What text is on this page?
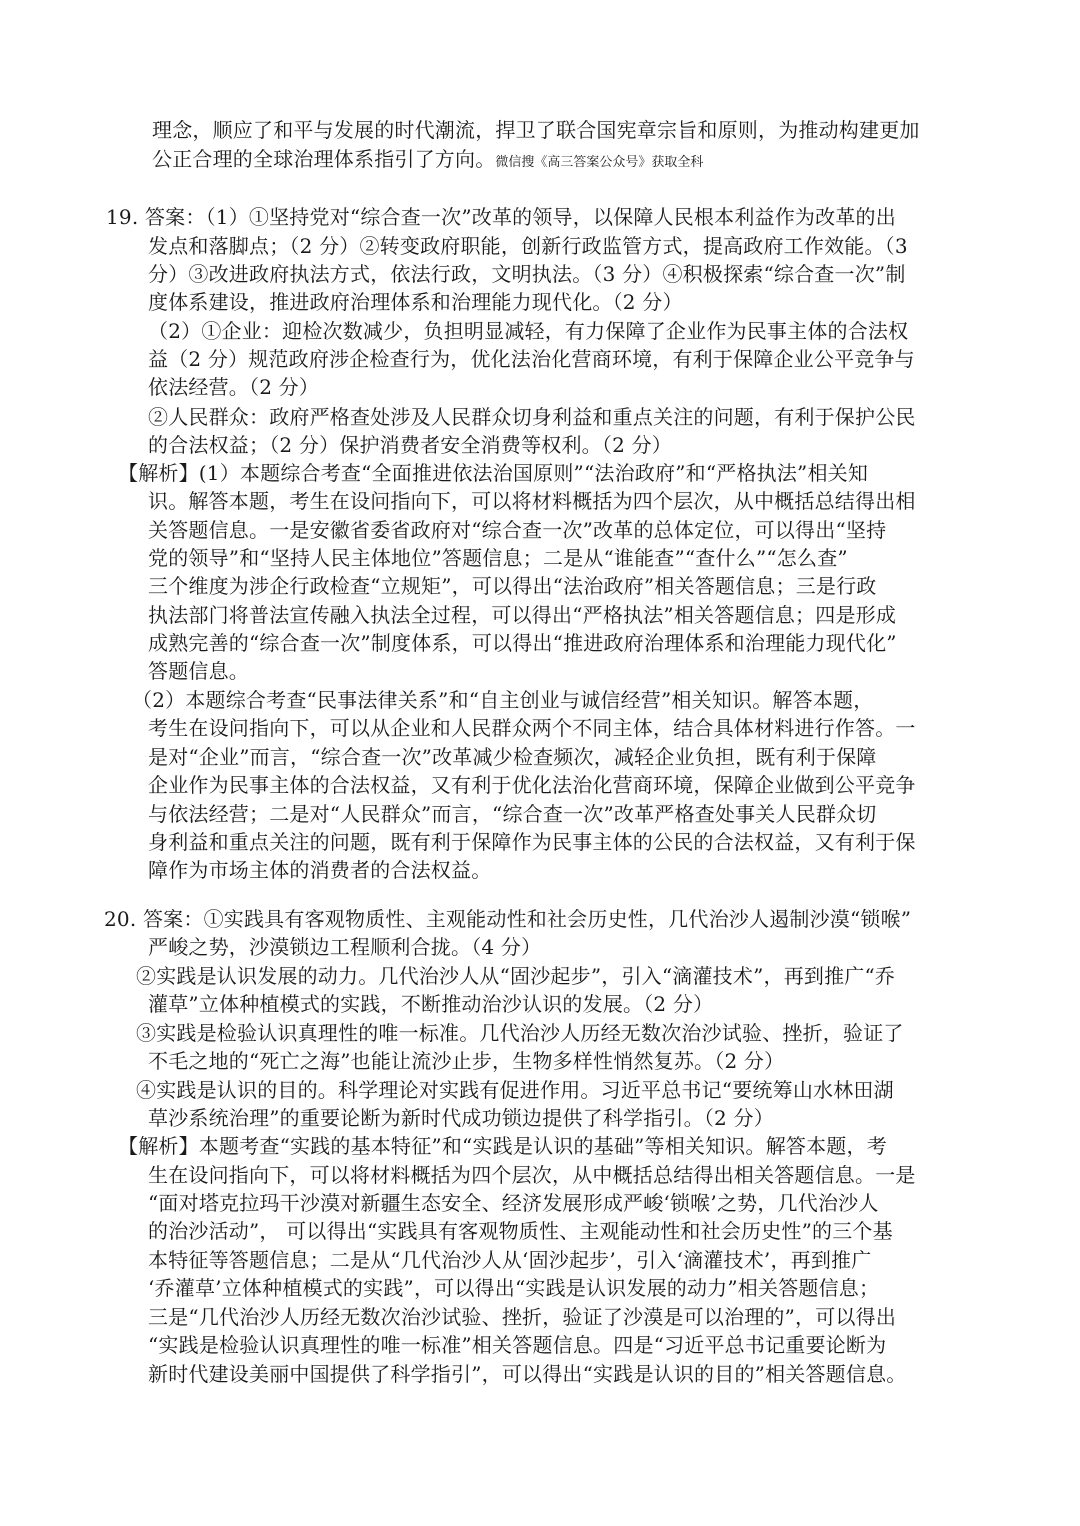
理念，顺应了和平与发展的时代潮流，捍卫了联合国宪章宗旨和原则，为推动构建更加
公正合理的全球治理体系指引了方向。微信搜《高三答案公众号》获取全科
19. 答案：（1）①坚持党对“综合查一次”改革的领导，以保障人民根本利益作为改革的出
发点和落脚点；（2 分）②转变政府职能，创新行政监管方式，提高政府工作效能。（3
分）③改进政府执法方式，依法行政，文明执法。（3 分）④积极探索“综合查一次”制
度体系建设，推进政府治理体系和治理能力现代化。（2 分）
（2）①企业：迎检次数减少，负担明显减轻，有力保障了企业作为民事主体的合法权
益（2 分）规范政府涉企检查行为，优化法治化营商环境，有利于保障企业公平竞争与
依法经营。（2 分）
②人民群众：政府严格查处涉及人民群众切身利益和重点关注的问题，有利于保护公民
的合法权益；（2 分）保护消费者安全消费等权利。（2 分）
【解析】(1）本题综合考查“全面推进依法治国原则”“法治政府”和“严格执法”相关知
识。解答本题，考生在设问指向下，可以将材料概括为四个层次，从中概括总结得出相
关答题信息。一是安徽省委省政府对“综合查一次”改革的总体定位，可以得出“坚持
党的领导”和“坚持人民主体地位”答题信息；二是从“谁能查”“查什么”“怎么查”
三个维度为涉企行政检查“立规矩”，可以得出“法治政府”相关答题信息；三是行政
执法部门将普法宣传融入执法全过程，可以得出“严格执法”相关答题信息；四是形成
成熟完善的“综合查一次”制度体系，可以得出“推进政府治理体系和治理能力现代化”
答题信息。
（2）本题综合考查“民事法律关系”和“自主创业与诚信经营”相关知识。解答本题，
考生在设问指向下，可以从企业和人民群众两个不同主体，结合具体材料进行作答。一
是对“企业”而言，“综合查一次”改革减少检查频次，减轻企业负担，既有利于保障
企业作为民事主体的合法权益，又有利于优化法治化营商环境，保障企业做到公平竞争
与依法经营；二是对“人民群众”而言，“综合查一次”改革严格查处事关人民群众切
身利益和重点关注的问题，既有利于保障作为民事主体的公民的合法权益，又有利于保
障作为市场主体的消费者的合法权益。
20. 答案：①实践具有客观物质性、主观能动性和社会历史性，几代治沙人遏制沙漠“锁喉”
严峻之势，沙漠锁边工程顺利合拢。（4 分）
②实践是认识发展的动力。几代治沙人从“固沙起步”，引入“滴灌技术”，再到推广“乔
灌草”立体种植模式的实践，不断推动治沙认识的发展。（2 分）
③实践是检验认识真理性的唯一标准。几代治沙人历经无数次治沙试验、挫折，验证了
不毛之地的“死亡之海”也能让流沙止步，生物多样性悄然复苏。（2 分）
④实践是认识的目的。科学理论对实践有促进作用。习近平总书记“要统筹山水林田湖
草沙系统治理”的重要论断为新时代成功锁边提供了科学指引。（2 分）
【解析】本题考查“实践的基本特征”和“实践是认识的基础”等相关知识。解答本题，考
生在设问指向下，可以将材料概括为四个层次，从中概括总结得出相关答题信息。一是
“面对塔克拉玛干沙漠对新疆生态安全、经济发展形成严峻‘锁喉’之势，几代治沙人
的治沙活动”， 可以得出“实践具有客观物质性、主观能动性和社会历史性”的三个基
本特征等答题信息；二是从“几代治沙人从‘固沙起步’，引入‘滴灌技术’，再到推广
‘乔灌草’立体种植模式的实践”，可以得出“实践是认识发展的动力”相关答题信息；
三是“几代治沙人历经无数次治沙试验、挫折，验证了沙漠是可以治理的”，可以得出
“实践是检验认识真理性的唯一标准”相关答题信息。四是“习近平总书记重要论断为
新时代建设美丽中国提供了科学指引”，可以得出“实践是认识的目的”相关答题信息。
